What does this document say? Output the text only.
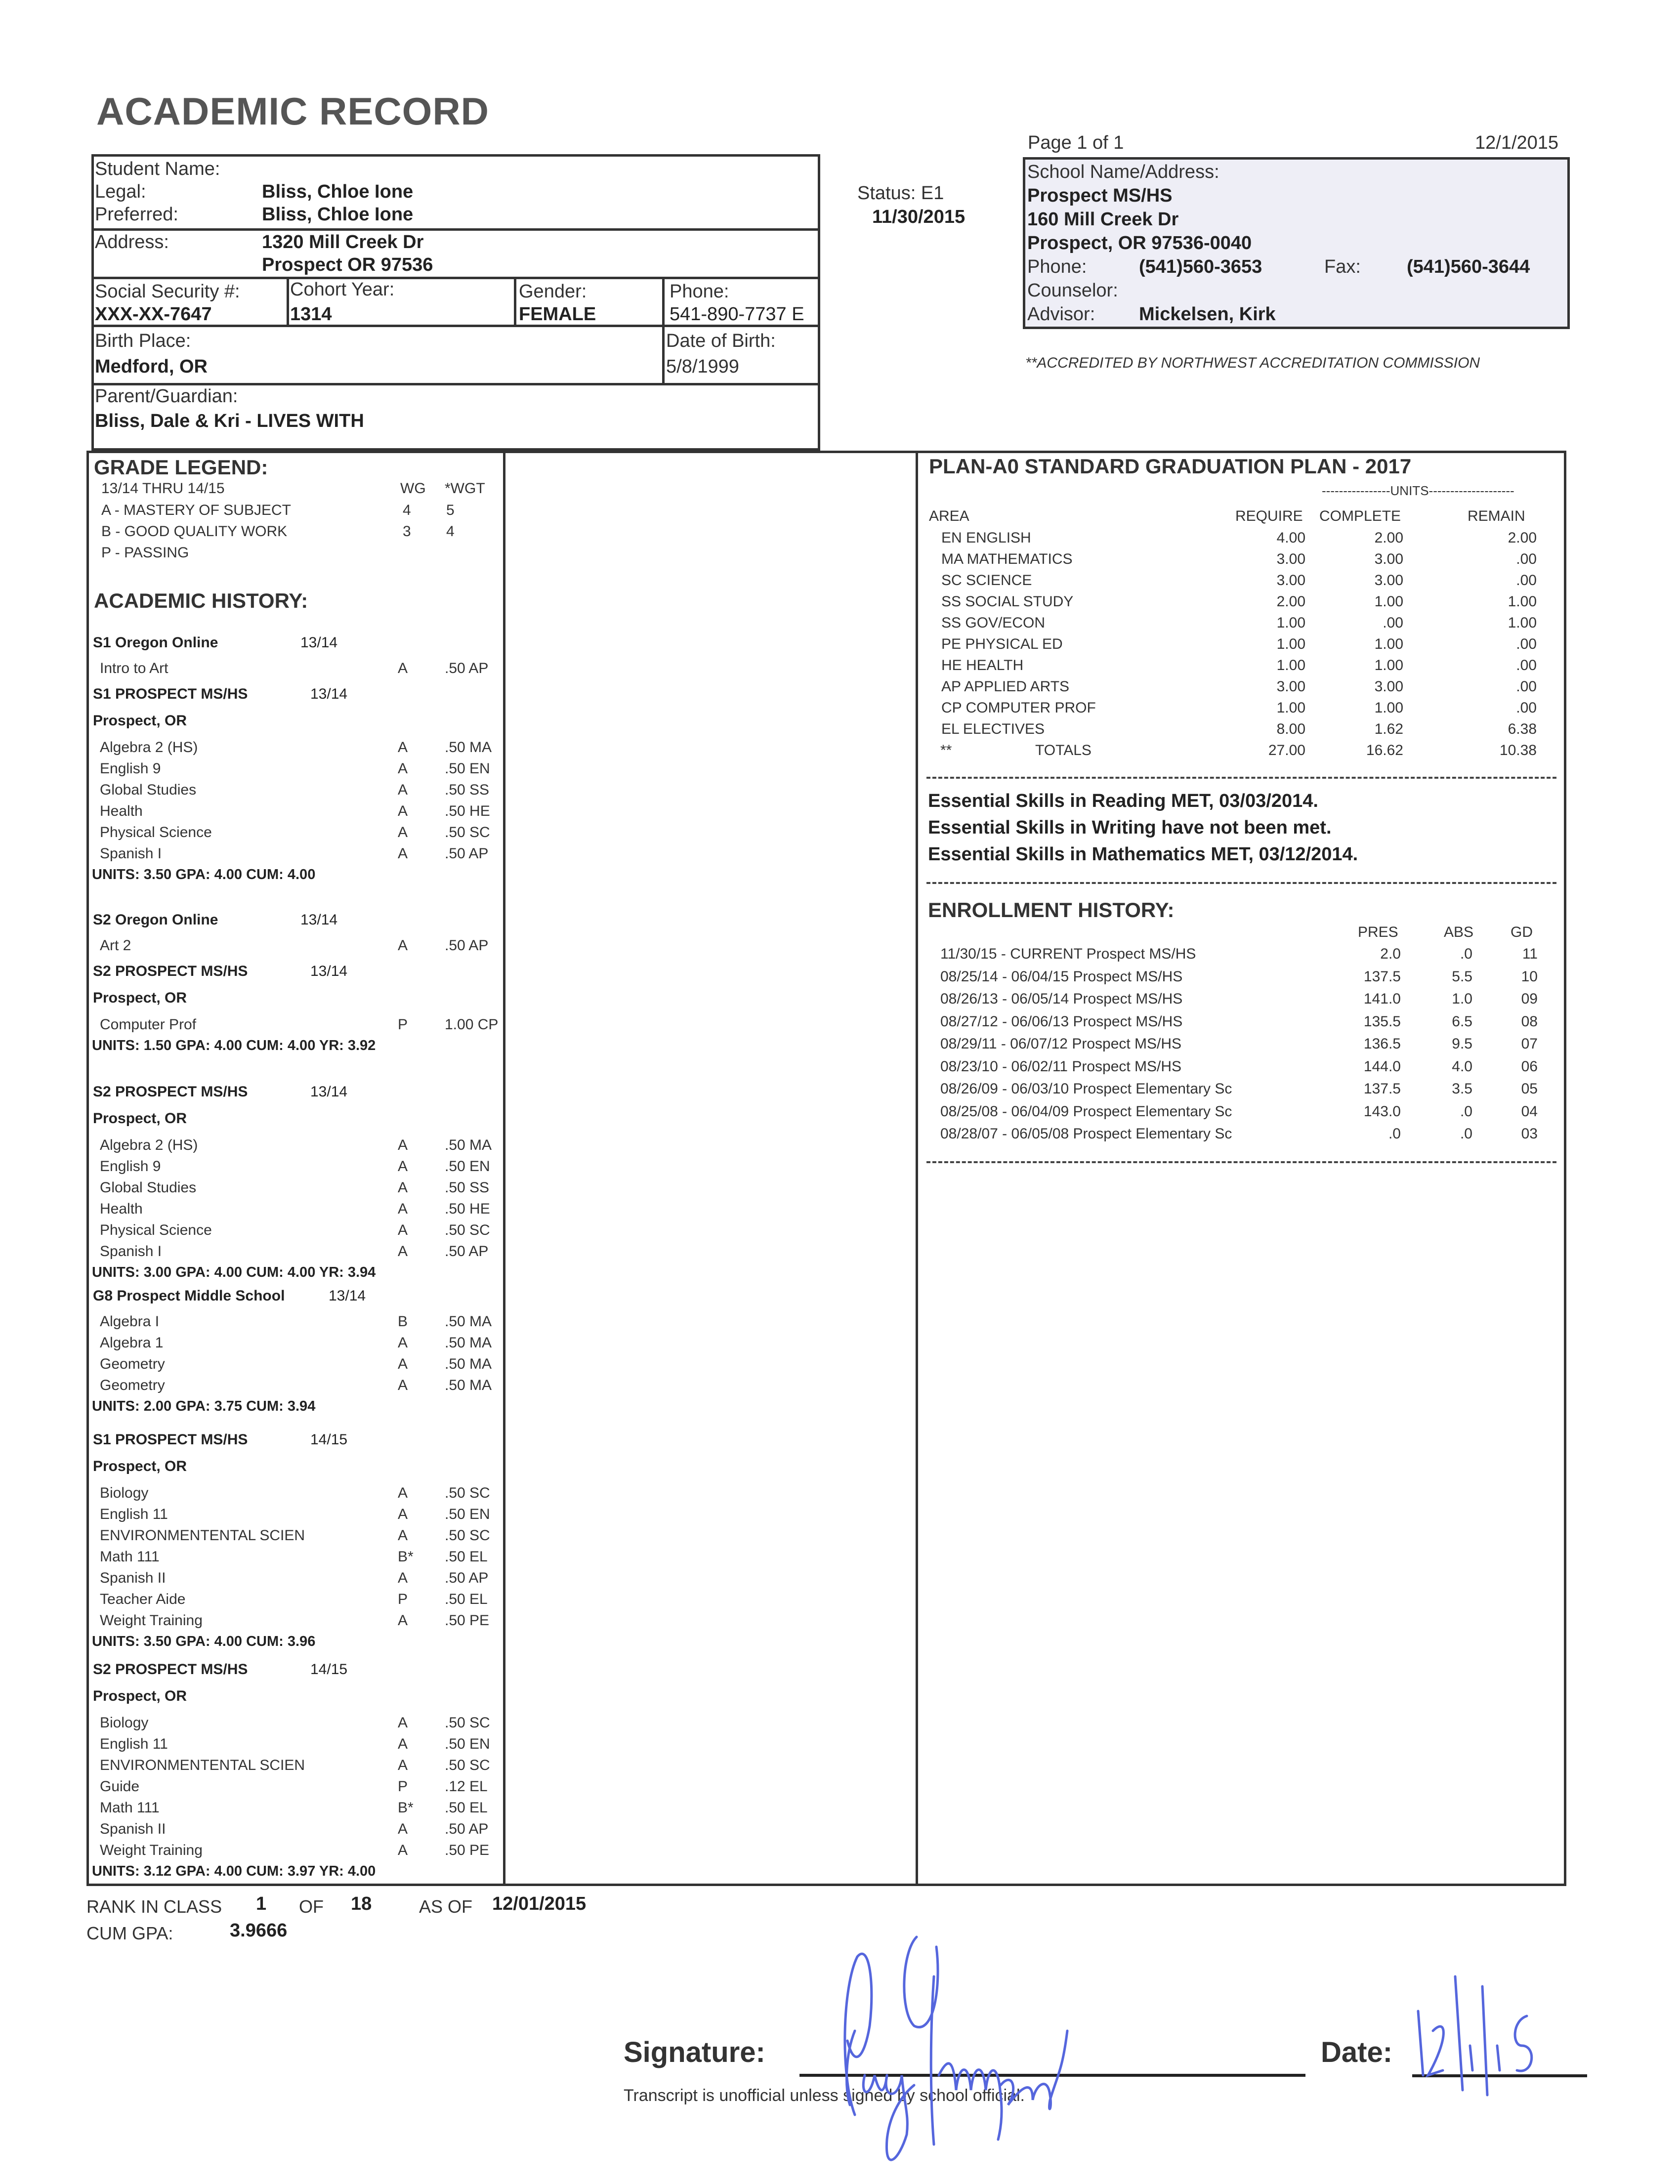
ACADEMIC RECORD
Page 1 of 1	12/1/2015
Status: E1
11/30/2015
Student Name:
Legal:	Bliss, Chloe Ione
Preferred:	Bliss, Chloe Ione
Address:	1320 Mill Creek Dr
Prospect OR 97536
Social Security #:
XXX-XX-7647
Cohort Year:
1314
Gender:
FEMALE
Phone:
541-890-7737 E
Birth Place:
Medford, OR
Date of Birth:
5/8/1999
Parent/Guardian:
Bliss, Dale & Kri - LIVES WITH
School Name/Address:
Prospect MS/HS
160 Mill Creek Dr
Prospect, OR 97536-0040
Phone:	(541)560-3653	Fax: (541)560-3644
Counselor:
Advisor: Mickelsen, Kirk
**ACCREDITED BY NORTHWEST ACCREDITATION COMMISSION
GRADE LEGEND:
13/14 THRU 14/15	WG *WGT
A - MASTERY OF SUBJECT	4 5
B - GOOD QUALITY WORK	3 4
P - PASSING
ACADEMIC HISTORY:
S1 Oregon Online	13/14
Intro to Art	A .50 AP
S1 PROSPECT MS/HS	13/14
Prospect, OR
Algebra 2 (HS)	A .50 MA
English 9	A .50 EN
Global Studies	A .50 SS
Health	A .50 HE
Physical Science	A .50 SC
Spanish I	A .50 AP
UNITS: 3.50 GPA: 4.00 CUM: 4.00
S2 Oregon Online	13/14
Art 2	A .50 AP
S2 PROSPECT MS/HS	13/14
Prospect, OR
Computer Prof	P 1.00 CP
UNITS: 1.50 GPA: 4.00 CUM: 4.00 YR: 3.92
S2 PROSPECT MS/HS	13/14
Prospect, OR
Algebra 2 (HS)	A .50 MA
English 9	A .50 EN
Global Studies	A .50 SS
Health	A .50 HE
Physical Science	A .50 SC
Spanish I	A .50 AP
UNITS: 3.00 GPA: 4.00 CUM: 4.00 YR: 3.94
G8 Prospect Middle School	13/14
Algebra I	B .50 MA
Algebra 1	A .50 MA
Geometry	A .50 MA
Geometry	A .50 MA
UNITS: 2.00 GPA: 3.75 CUM: 3.94
S1 PROSPECT MS/HS	14/15
Prospect, OR
Biology	A .50 SC
English 11	A .50 EN
ENVIRONMENTENTAL SCIEN	A .50 SC
Math 111	B* .50 EL
Spanish II	A .50 AP
Teacher Aide	P .50 EL
Weight Training	A .50 PE
UNITS: 3.50 GPA: 4.00 CUM: 3.96
S2 PROSPECT MS/HS	14/15
Prospect, OR
Biology	A .50 SC
English 11	A .50 EN
ENVIRONMENTENTAL SCIEN	A .50 SC
Guide	P .12 EL
Math 111	B* .50 EL
Spanish II	A .50 AP
Weight Training	A .50 PE
UNITS: 3.12 GPA: 4.00 CUM: 3.97 YR: 4.00
RANK IN CLASS 1 OF 18	AS OF 12/01/2015
CUM GPA:	3.9666
PLAN-A0 STANDARD GRADUATION PLAN - 2017
----------------UNITS--------------------
AREA	REQUIRE COMPLETE	REMAIN
EN ENGLISH	4.00	2.00	2.00
MA MATHEMATICS	3.00	3.00	.00
SC SCIENCE	3.00	3.00	.00
SS SOCIAL STUDY	2.00	1.00	1.00
SS GOV/ECON	1.00	.00	1.00
PE PHYSICAL ED	1.00	1.00	.00
HE HEALTH	1.00	1.00	.00
AP APPLIED ARTS	3.00	3.00	.00
CP COMPUTER PROF	1.00	1.00	.00
EL ELECTIVES	8.00	1.62	6.38
**	TOTALS	27.00	16.62	10.38
Essential Skills in Reading MET, 03/03/2014.
Essential Skills in Writing have not been met.
Essential Skills in Mathematics MET, 03/12/2014.
ENROLLMENT HISTORY:
PRES	ABS GD
11/30/15 - CURRENT Prospect MS/HS	2.0	.0	11
08/25/14 - 06/04/15 Prospect MS/HS	137.5	5.5	10
08/26/13 - 06/05/14 Prospect MS/HS	141.0	1.0	09
08/27/12 - 06/06/13 Prospect MS/HS	135.5	6.5	08
08/29/11 - 06/07/12 Prospect MS/HS	136.5	9.5	07
08/23/10 - 06/02/11 Prospect MS/HS	144.0	4.0	06
08/26/09 - 06/03/10 Prospect Elementary Sc	137.5	3.5	05
08/25/08 - 06/04/09 Prospect Elementary Sc	143.0	.0	04
08/28/07 - 06/05/08 Prospect Elementary Sc	.0	.0	03
Signature:	Date:
Transcript is unofficial unless signed by school official.
